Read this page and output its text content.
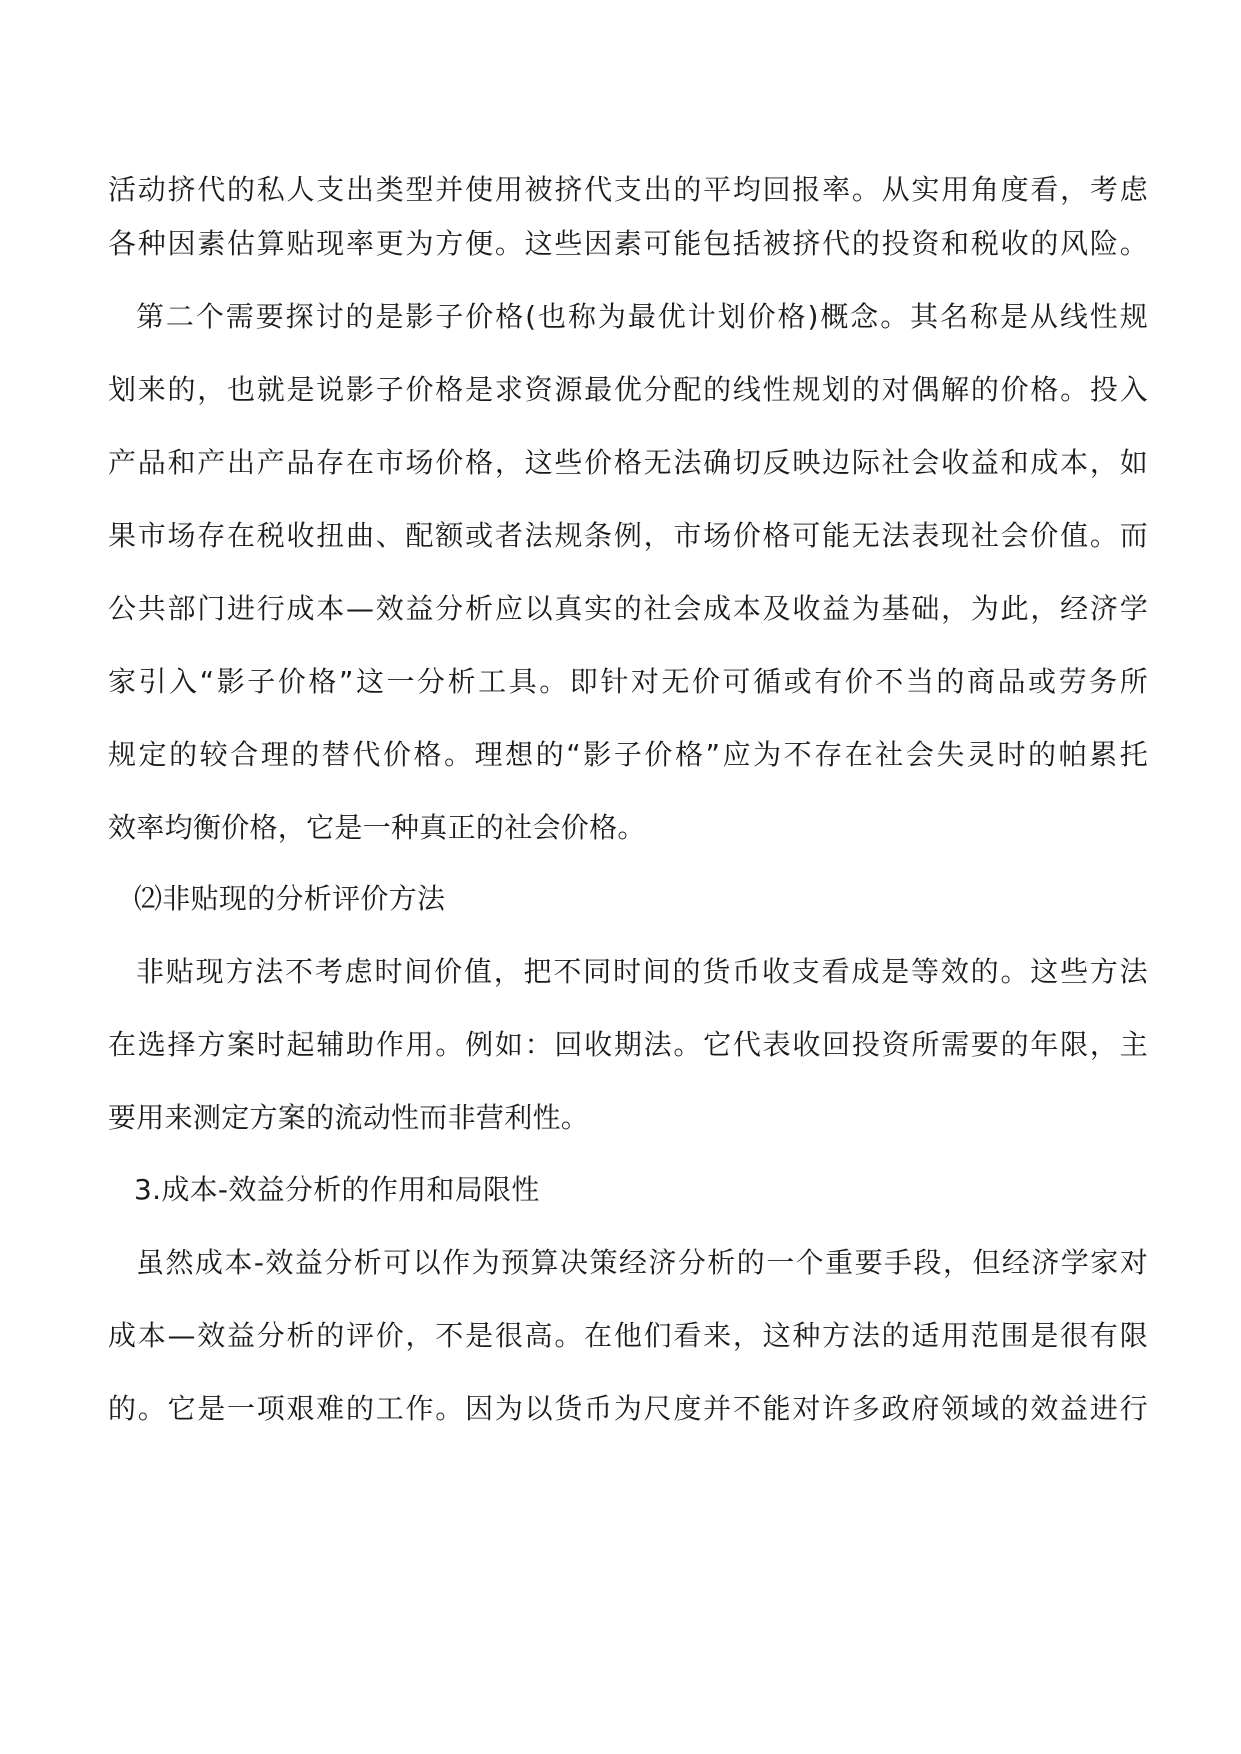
活动挤代的私人支出类型并使用被挤代支出的平均回报率。从实用角度看，考虑
各种因素估算贴现率更为方便。这些因素可能包括被挤代的投资和税收的风险。
第二个需要探讨的是影子价格(也称为最优计划价格)概念。其名称是从线性规
划来的，也就是说影子价格是求资源最优分配的线性规划的对偶解的价格。投入
产品和产出产品存在市场价格，这些价格无法确切反映边际社会收益和成本，如
果市场存在税收扭曲、配额或者法规条例，市场价格可能无法表现社会价值。而
公共部门进行成本—效益分析应以真实的社会成本及收益为基础，为此，经济学
家引入“影子价格”这一分析工具。即针对无价可循或有价不当的商品或劳务所
规定的较合理的替代价格。理想的“影子价格”应为不存在社会失灵时的帕累托
效率均衡价格，它是一种真正的社会价格。
⑵非贴现的分析评价方法
非贴现方法不考虑时间价值，把不同时间的货币收支看成是等效的。这些方法
在选择方案时起辅助作用。例如：回收期法。它代表收回投资所需要的年限，主
要用来测定方案的流动性而非营利性。
3.成本-效益分析的作用和局限性
虽然成本-效益分析可以作为预算决策经济分析的一个重要手段，但经济学家对
成本—效益分析的评价，不是很高。在他们看来，这种方法的适用范围是很有限
的。它是一项艰难的工作。因为以货币为尺度并不能对许多政府领域的效益进行
